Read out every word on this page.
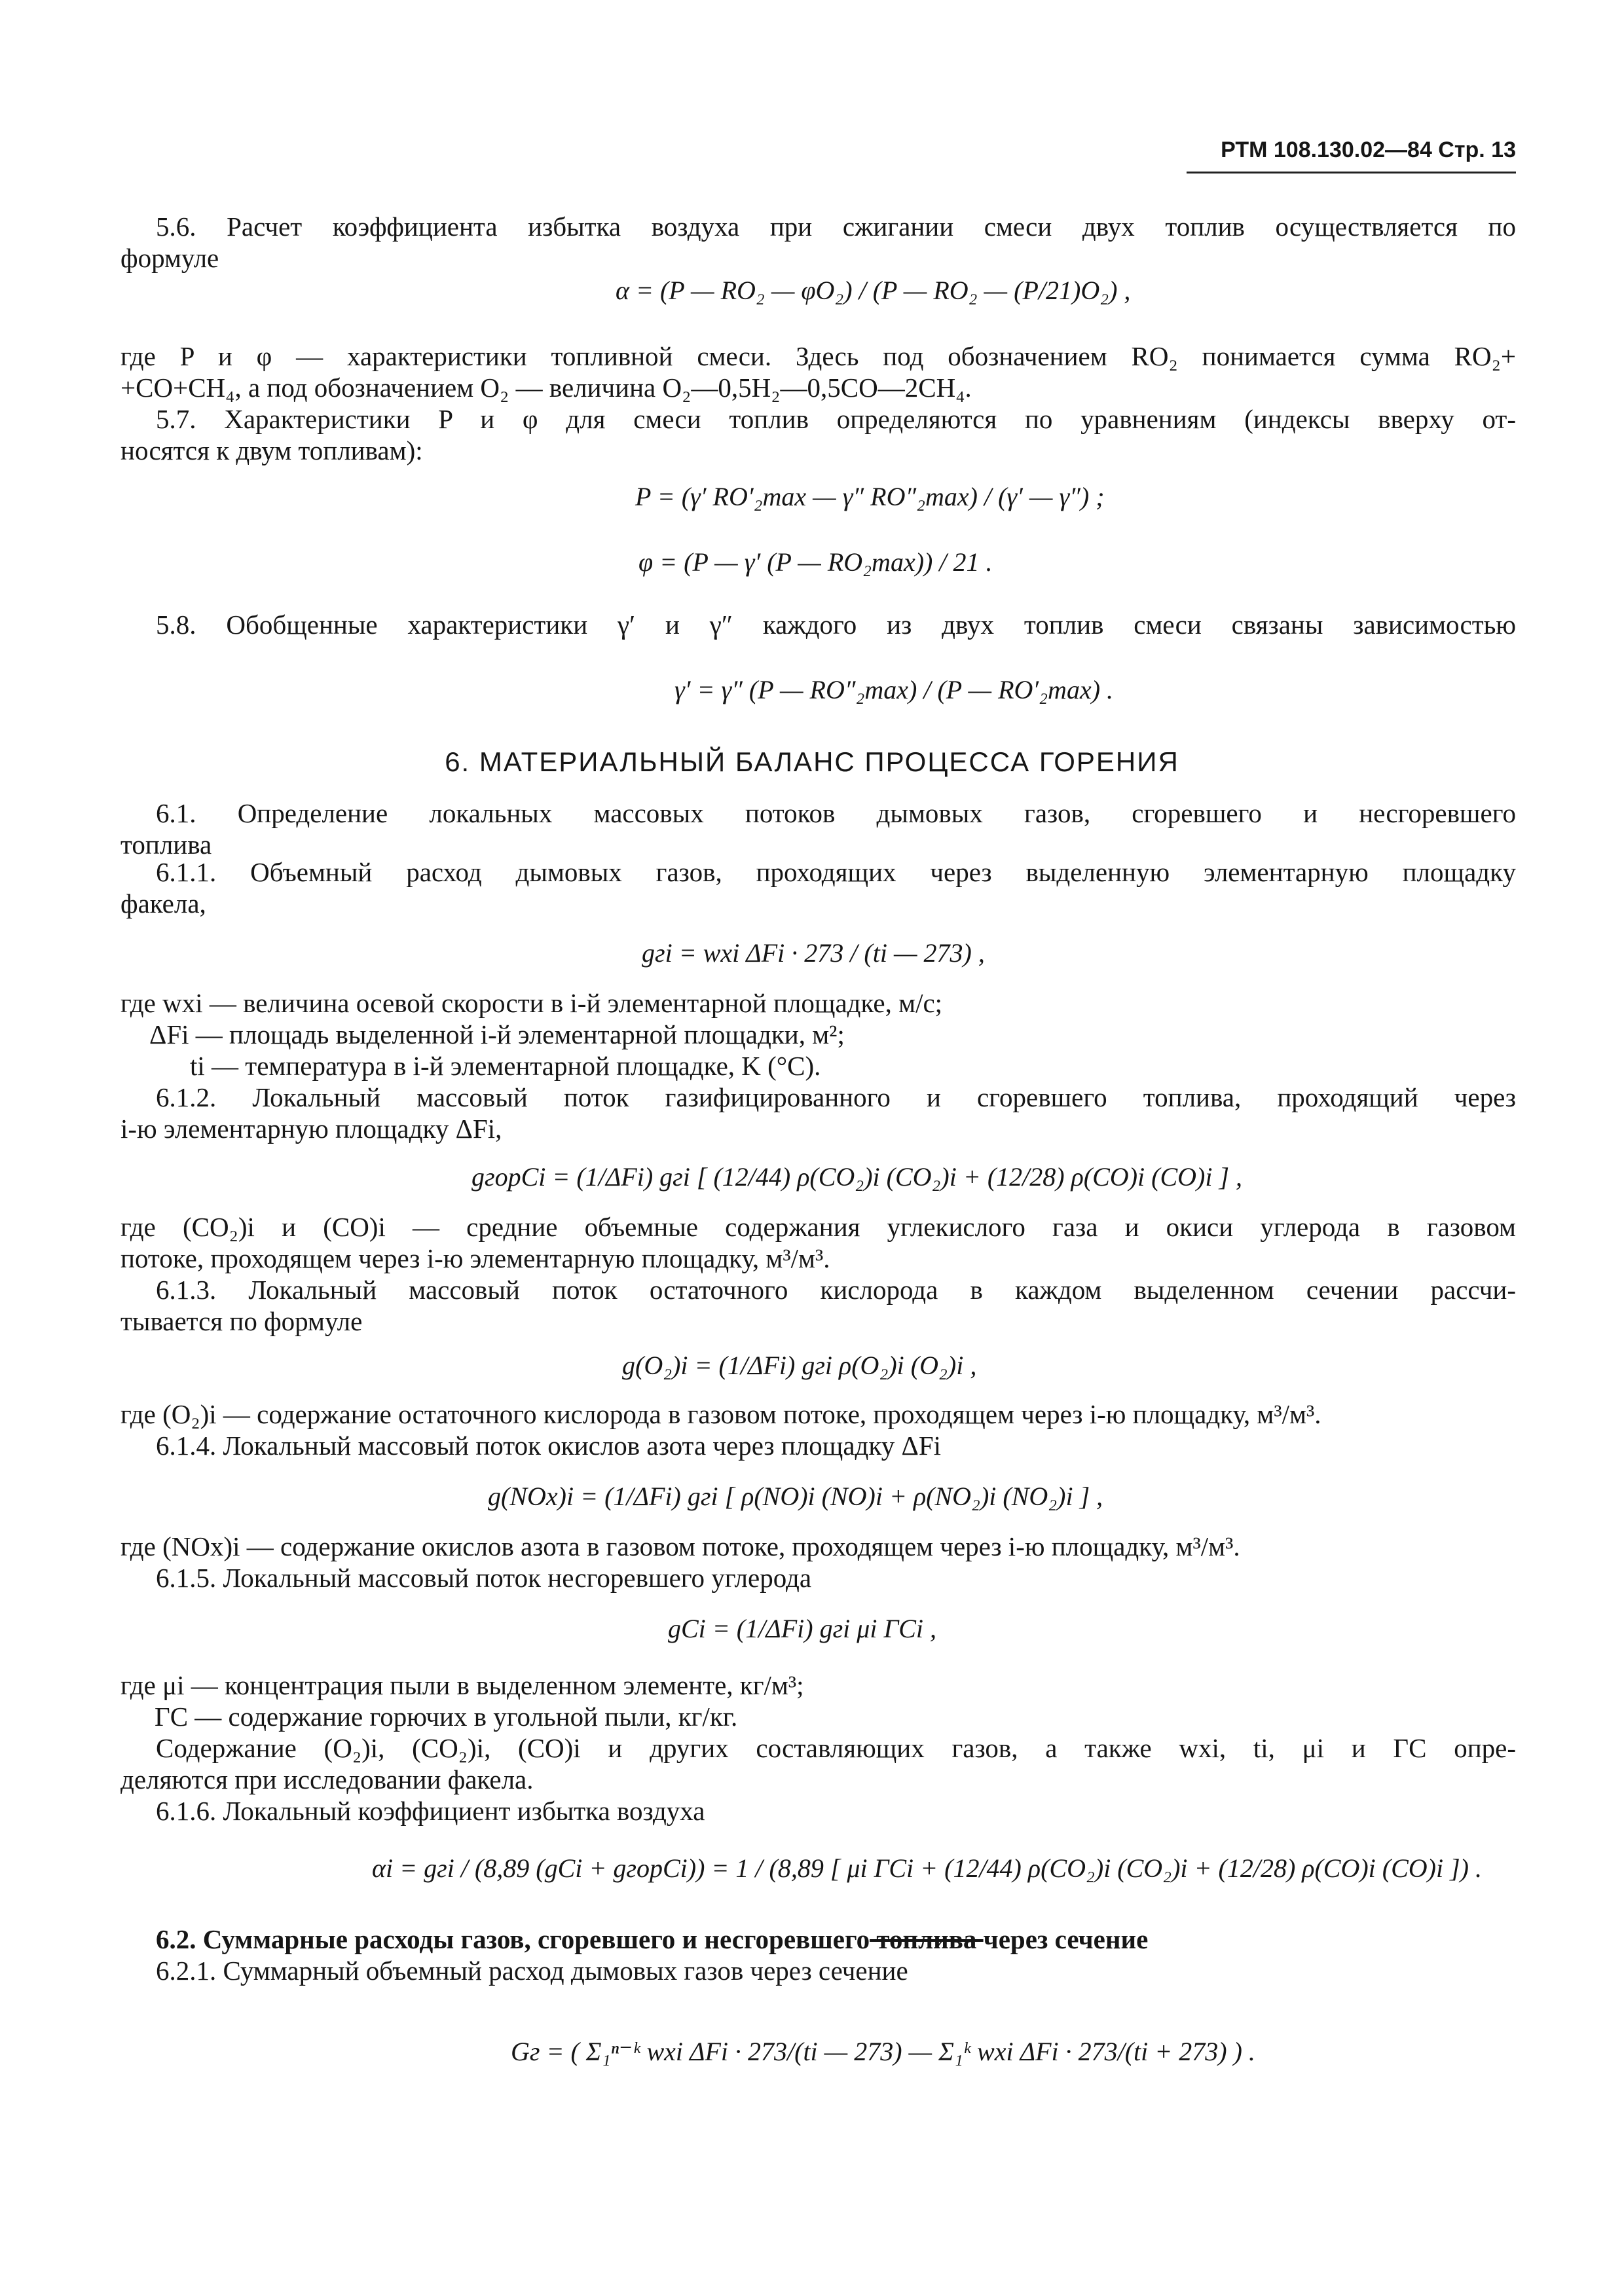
РТМ 108.130.02—84 Стр. 13
5.6. Расчет коэффициента избытка воздуха при сжигании смеси двух топлив осуществляется по
формуле
α = (P — RO₂ — φO₂) / (P — RO₂ — (P/21)O₂) ,
где P и φ — характеристики топливной смеси. Здесь под обозначением RO₂ понимается сумма RO₂+
+CO+CH₄, а под обозначением O₂ — величина O₂—0,5H₂—0,5CO—2CH₄.
5.7. Характеристики P и φ для смеси топлив определяются по уравнениям (индексы вверху от-
носятся к двум топливам):
P = (γ′ RO′₂max — γ″ RO″₂max) / (γ′ — γ″) ;
φ = (P — γ′ (P — RO₂max)) / 21 .
5.8. Обобщенные характеристики γ′ и γ″ каждого из двух топлив смеси связаны зависимостью
γ′ = γ″ (P — RO″₂max) / (P — RO′₂max) .
6. МАТЕРИАЛЬНЫЙ БАЛАНС ПРОЦЕССА ГОРЕНИЯ
6.1. Определение локальных массовых потоков дымовых газов, сгоревшего и несгоревшего
топлива
6.1.1. Объемный расход дымовых газов, проходящих через выделенную элементарную площадку
факела,
gгi = wxi ΔFi · 273 / (ti — 273) ,
где wxi — величина осевой скорости в i-й элементарной площадке, м/с;
ΔFi — площадь выделенной i-й элементарной площадки, м²;
ti — температура в i-й элементарной площадке, K (°C).
6.1.2. Локальный массовый поток газифицированного и сгоревшего топлива, проходящий через
i-ю элементарную площадку ΔFi,
gгорCi = (1/ΔFi) gгi [ (12/44) ρ(CO₂)i (CO₂)i + (12/28) ρ(CO)i (CO)i ] ,
где (CO₂)i и (CO)i — средние объемные содержания углекислого газа и окиси углерода в газовом
потоке, проходящем через i-ю элементарную площадку, м³/м³.
6.1.3. Локальный массовый поток остаточного кислорода в каждом выделенном сечении рассчи-
тывается по формуле
g(O₂)i = (1/ΔFi) gгi ρ(O₂)i (O₂)i ,
где (O₂)i — содержание остаточного кислорода в газовом потоке, проходящем через i-ю площадку, м³/м³.
6.1.4. Локальный массовый поток окислов азота через площадку ΔFi
g(NOx)i = (1/ΔFi) gгi [ ρ(NO)i (NO)i + ρ(NO₂)i (NO₂)i ] ,
где (NOx)i — содержание окислов азота в газовом потоке, проходящем через i-ю площадку, м³/м³.
6.1.5. Локальный массовый поток несгоревшего углерода
gCi = (1/ΔFi) gгi μi ГCi ,
где μi — концентрация пыли в выделенном элементе, кг/м³;
ГC — содержание горючих в угольной пыли, кг/кг.
Содержание (O₂)i, (CO₂)i, (CO)i и других составляющих газов, а также wxi, ti, μi и ГC опре-
деляются при исследовании факела.
6.1.6. Локальный коэффициент избытка воздуха
αi = gгi / (8,89 (gCi + gгорCi)) = 1 / (8,89 [ μi ГCi + (12/44) ρ(CO₂)i (CO₂)i + (12/28) ρ(CO)i (CO)i ]) .
6.2. Суммарные расходы газов, сгоревшего и несгоревшего топлива через сечение
6.2.1. Суммарный объемный расход дымовых газов через сечение
Gг = ( Σ₁ⁿ⁻ᵏ wxi ΔFi · 273/(ti — 273) — Σ₁ᵏ wxi ΔFi · 273/(ti + 273) ) .
